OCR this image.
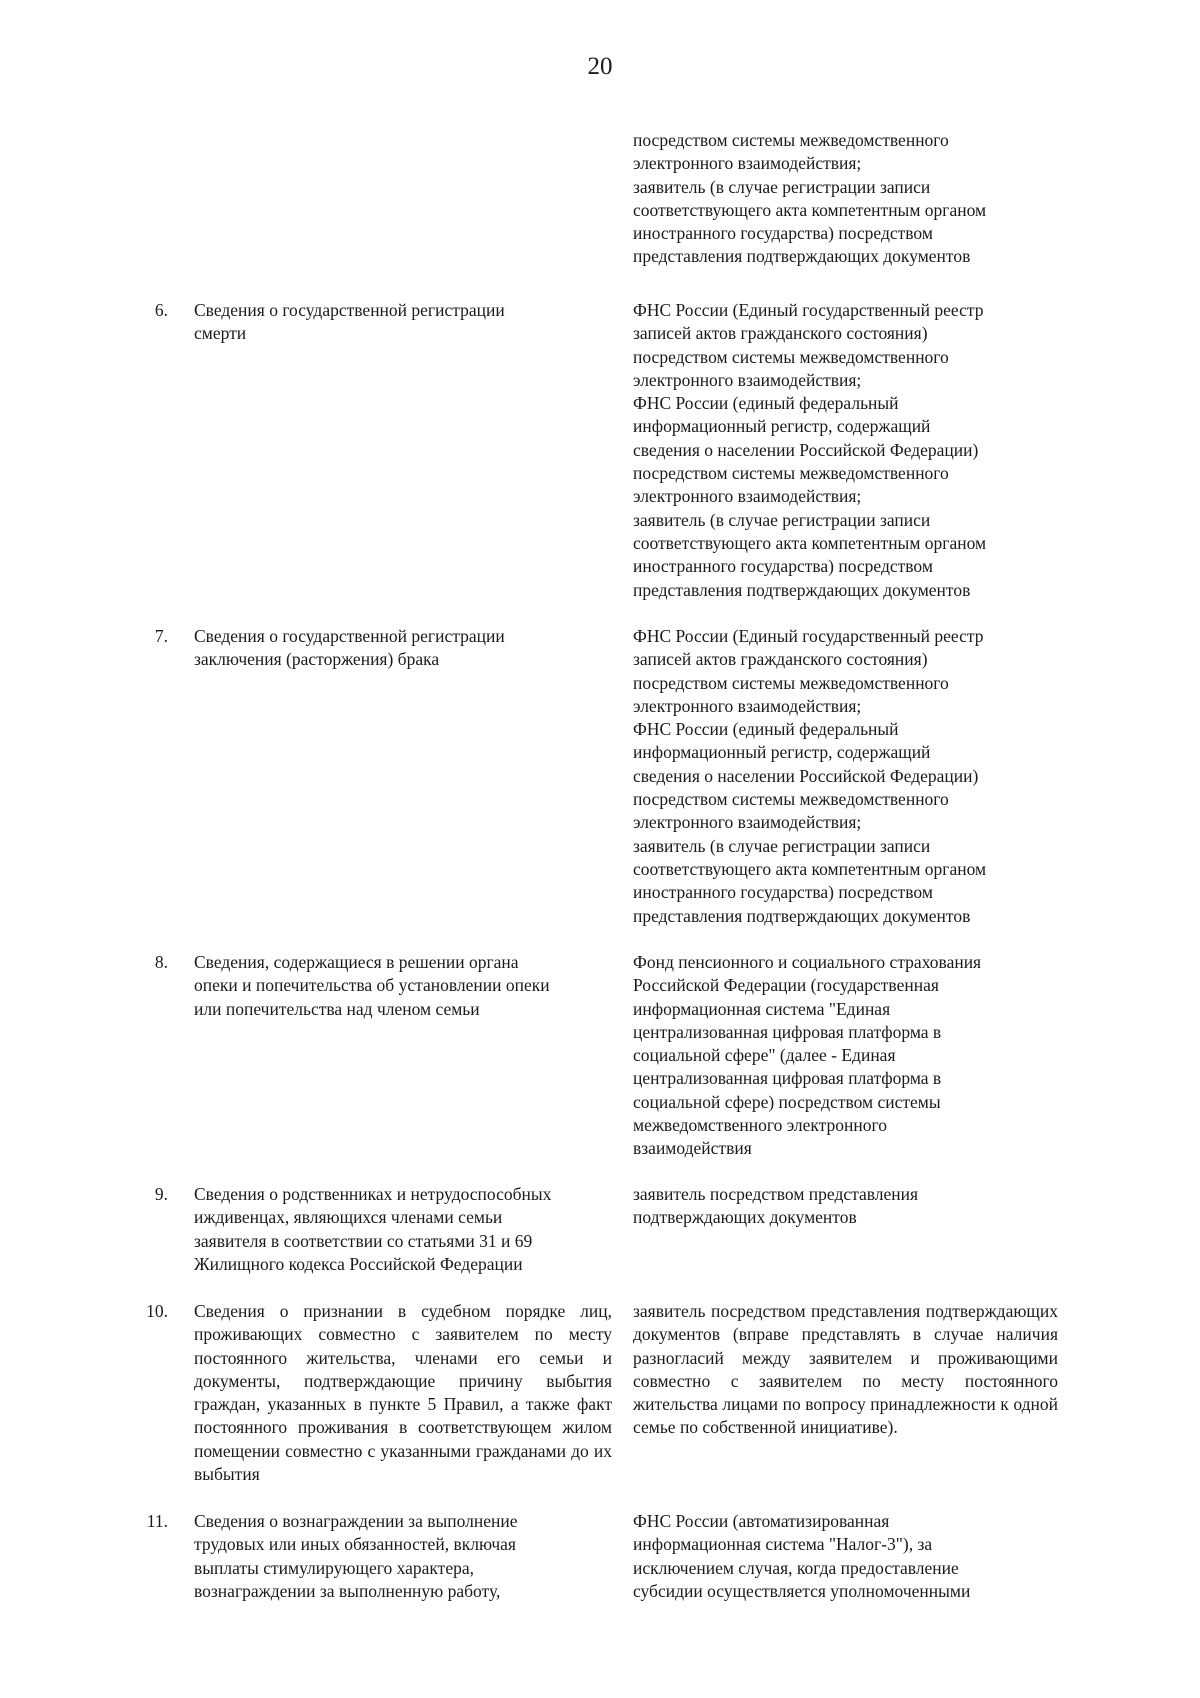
20
посредством системы межведомственного
электронного взаимодействия;
заявитель (в случае регистрации записи
соответствующего акта компетентным органом
иностранного государства) посредством
представления подтверждающих документов
6. Сведения о государственной регистрации
смерти
ФНС России (Единый государственный реестр
записей актов гражданского состояния)
посредством системы межведомственного
электронного взаимодействия;
ФНС России (единый федеральный
информационный регистр, содержащий
сведения о населении Российской Федерации)
посредством системы межведомственного
электронного взаимодействия;
заявитель (в случае регистрации записи
соответствующего акта компетентным органом
иностранного государства) посредством
представления подтверждающих документов
7. Сведения о государственной регистрации
заключения (расторжения) брака
ФНС России (Единый государственный реестр
записей актов гражданского состояния)
посредством системы межведомственного
электронного взаимодействия;
ФНС России (единый федеральный
информационный регистр, содержащий
сведения о населении Российской Федерации)
посредством системы межведомственного
электронного взаимодействия;
заявитель (в случае регистрации записи
соответствующего акта компетентным органом
иностранного государства) посредством
представления подтверждающих документов
8. Сведения, содержащиеся в решении органа
опеки и попечительства об установлении опеки
или попечительства над членом семьи
Фонд пенсионного и социального страхования
Российской Федерации (государственная
информационная система "Единая
централизованная цифровая платформа в
социальной сфере" (далее - Единая
централизованная цифровая платформа в
социальной сфере) посредством системы
межведомственного электронного
взаимодействия
9. Сведения о родственниках и нетрудоспособных
иждивенцах, являющихся членами семьи
заявителя в соответствии со статьями 31 и 69
Жилищного кодекса Российской Федерации
заявитель посредством представления
подтверждающих документов
10. Сведения о признании в судебном порядке лиц, проживающих совместно с заявителем по месту постоянного жительства, членами его семьи и документы, подтверждающие причину выбытия граждан, указанных в пункте 5 Правил, а также факт постоянного проживания в соответствующем жилом помещении совместно с указанными гражданами до их выбытия
заявитель посредством представления подтверждающих документов (вправе представлять в случае наличия разногласий между заявителем и проживающими совместно с заявителем по месту постоянного жительства лицами по вопросу принадлежности к одной семье по собственной инициативе).
11. Сведения о вознаграждении за выполнение
трудовых или иных обязанностей, включая
выплаты стимулирующего характера,
вознаграждении за выполненную работу,
ФНС России (автоматизированная
информационная система "Налог-3"), за
исключением случая, когда предоставление
субсидии осуществляется уполномоченными
